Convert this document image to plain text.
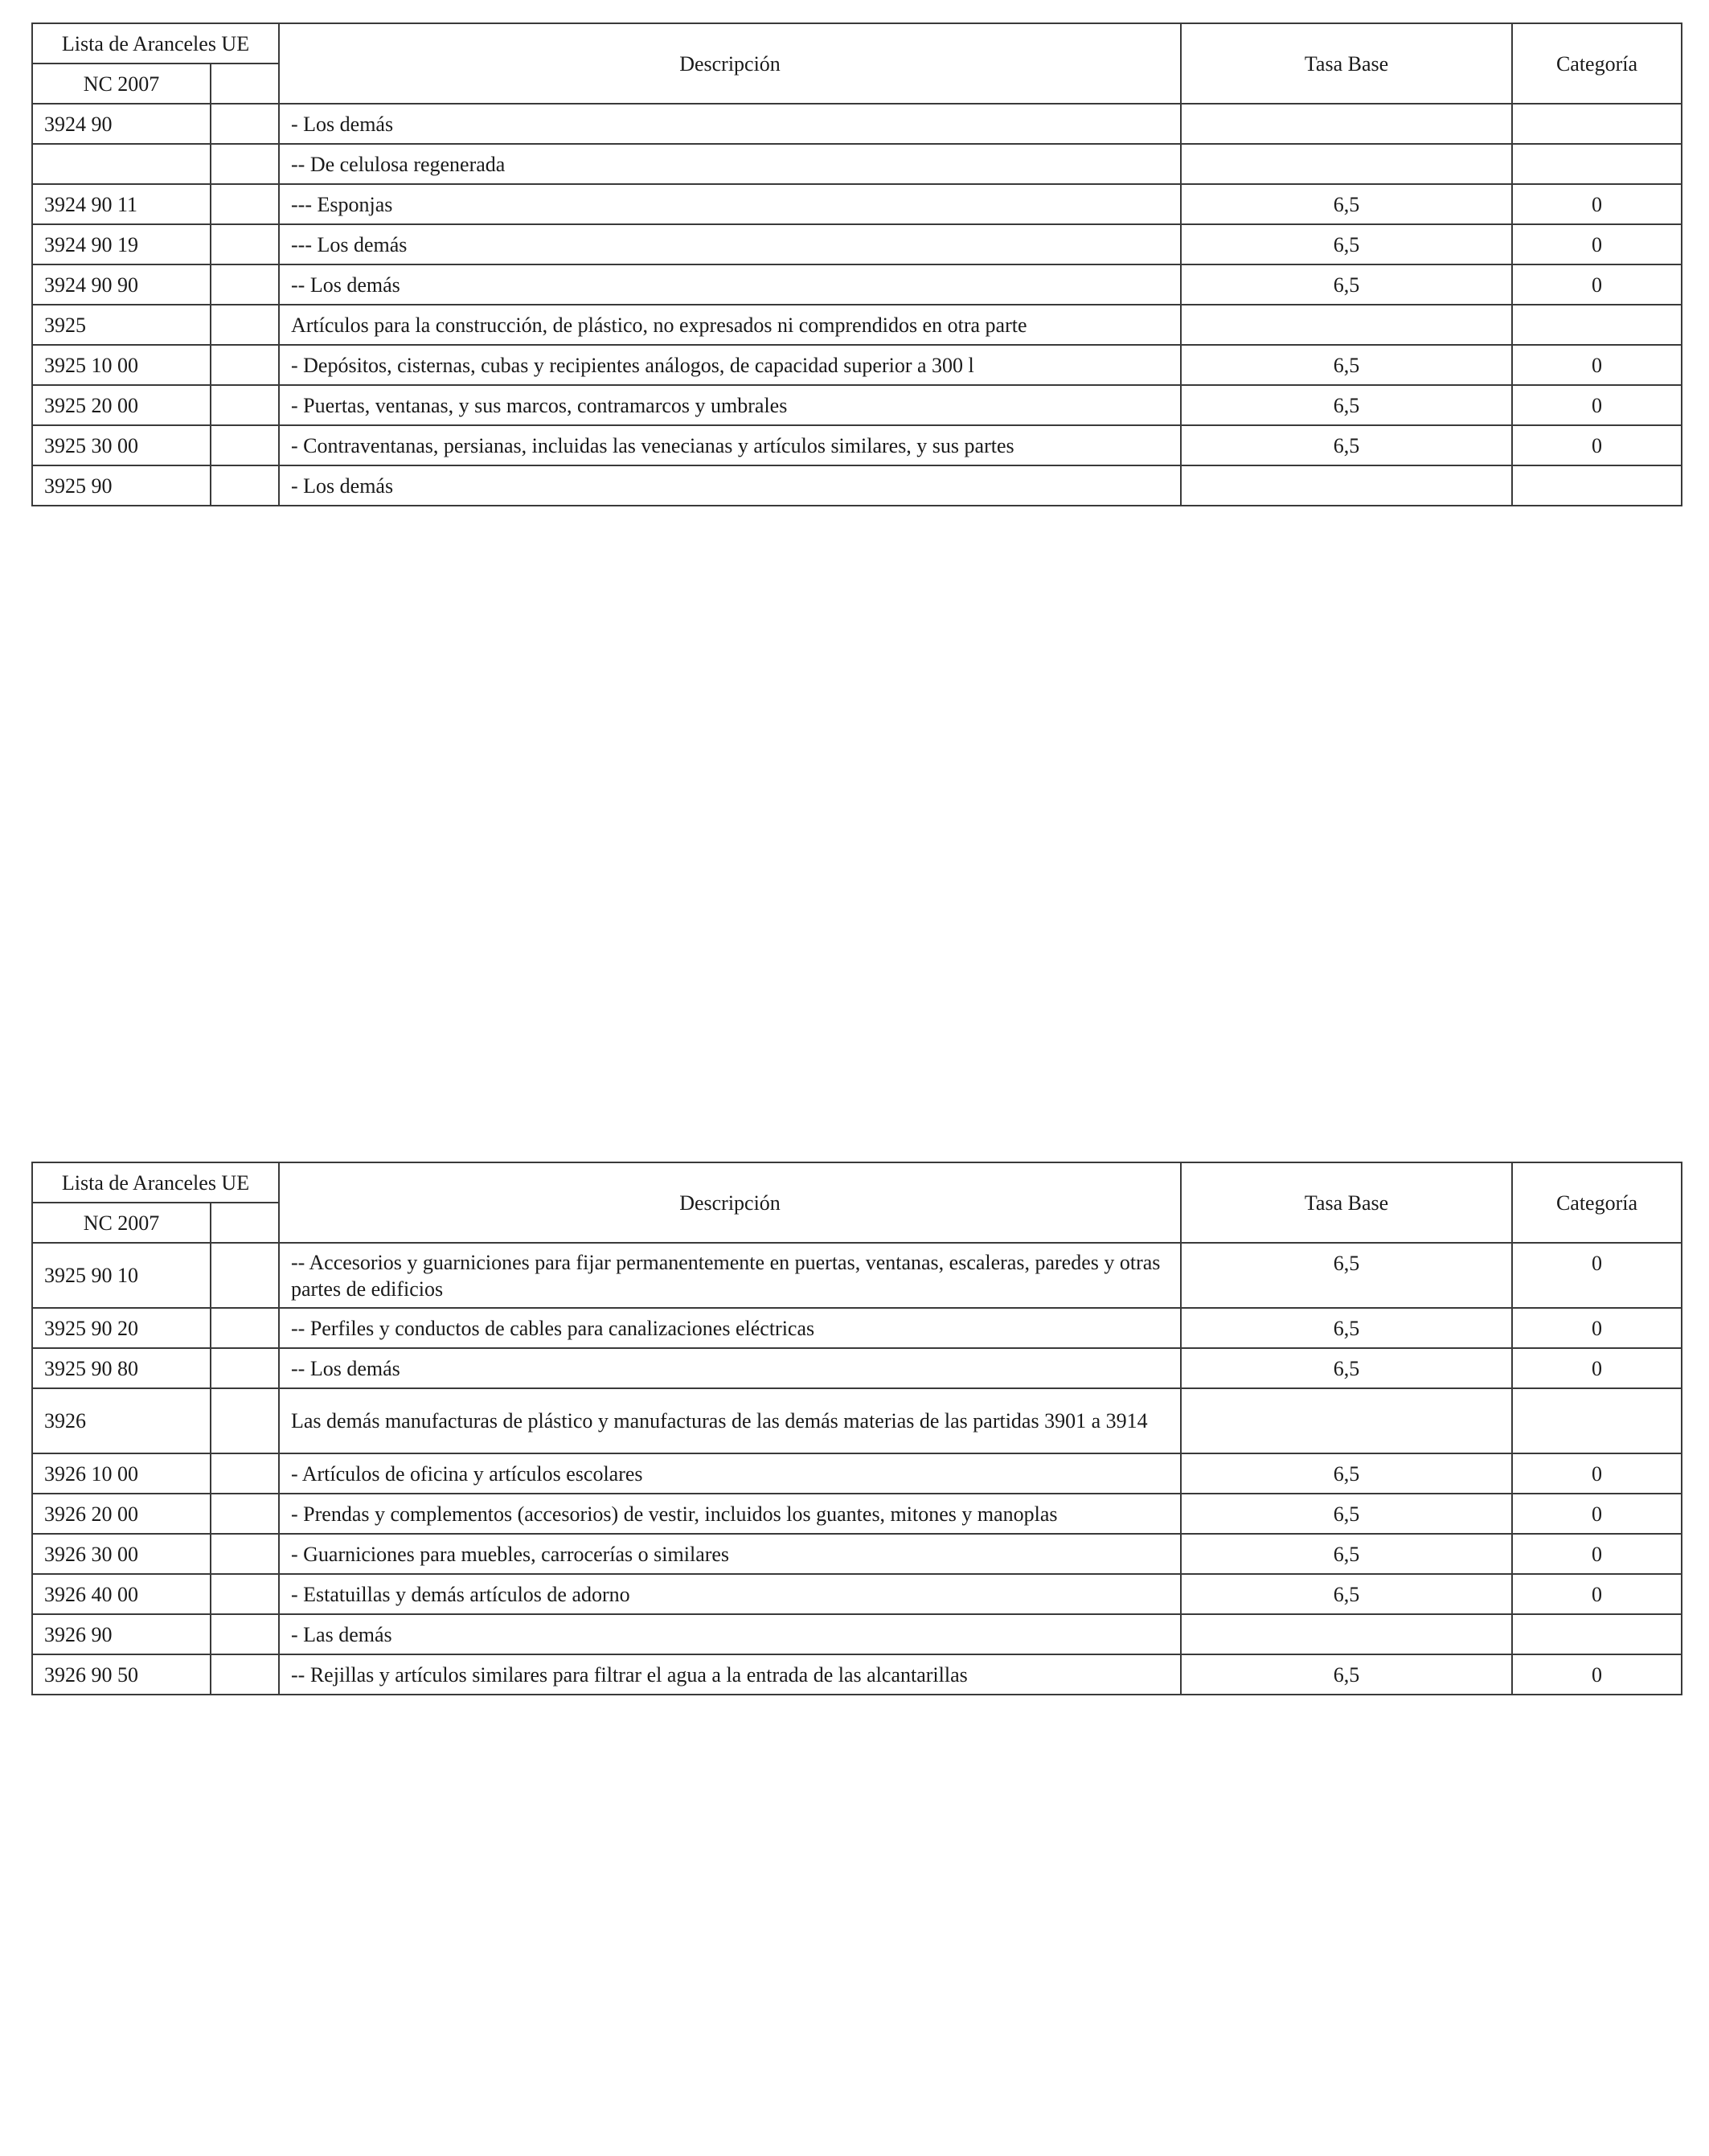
Lista de Aranceles UE		Descripción	Tasa Base	Categoría
NC 2007				
3924 90		- Los demás		
		-- De celulosa regenerada		
3924 90 11		--- Esponjas	6,5	0
3924 90 19		--- Los demás	6,5	0
3924 90 90		-- Los demás	6,5	0
3925		Artículos para la construcción, de plástico, no expresados ni comprendidos en otra parte		
3925 10 00		- Depósitos, cisternas, cubas y recipientes análogos, de capacidad superior a 300 l	6,5	0
3925 20 00		- Puertas, ventanas, y sus marcos, contramarcos y umbrales	6,5	0
3925 30 00		- Contraventanas, persianas, incluidas las venecianas y artículos similares, y sus partes	6,5	0
3925 90		- Los demás		
Lista de Aranceles UE		Descripción	Tasa Base	Categoría
NC 2007				
3925 90 10		-- Accesorios y guarniciones para fijar permanentemente en puertas, ventanas, escaleras, paredes y otras partes de edificios	6,5	0
3925 90 20		-- Perfiles y conductos de cables para canalizaciones eléctricas	6,5	0
3925 90 80		-- Los demás	6,5	0
3926		Las demás manufacturas de plástico y manufacturas de las demás materias de las partidas 3901 a 3914		
3926 10 00		- Artículos de oficina y artículos escolares	6,5	0
3926 20 00		- Prendas y complementos (accesorios) de vestir, incluidos los guantes, mitones y manoplas	6,5	0
3926 30 00		- Guarniciones para muebles, carrocerías o similares	6,5	0
3926 40 00		- Estatuillas y demás artículos de adorno	6,5	0
3926 90		- Las demás		
3926 90 50		-- Rejillas y artículos similares para filtrar el agua a la entrada de las alcantarillas	6,5	0
